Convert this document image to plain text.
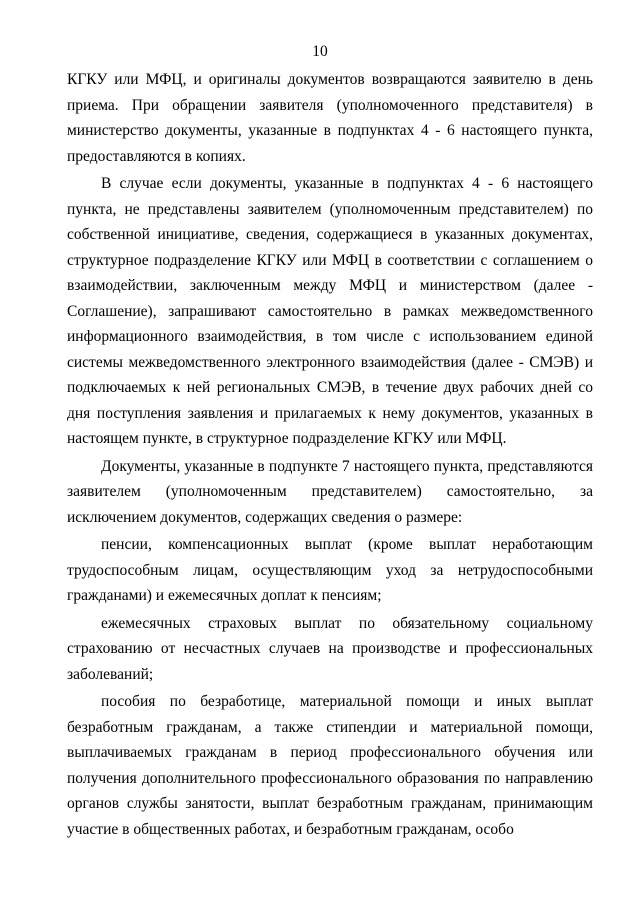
10

КГКУ или МФЦ, и оригиналы документов возвращаются заявителю в день приема. При обращении заявителя (уполномоченного представителя) в министерство документы, указанные в подпунктах 4 - 6 настоящего пункта, предоставляются в копиях.

В случае если документы, указанные в подпунктах 4 - 6 настоящего пункта, не представлены заявителем (уполномоченным представителем) по собственной инициативе, сведения, содержащиеся в указанных документах, структурное подразделение КГКУ или МФЦ в соответствии с соглашением о взаимодействии, заключенным между МФЦ и министерством (далее - Соглашение), запрашивают самостоятельно в рамках межведомственного информационного взаимодействия, в том числе с использованием единой системы межведомственного электронного взаимодействия (далее - СМЭВ) и подключаемых к ней региональных СМЭВ, в течение двух рабочих дней со дня поступления заявления и прилагаемых к нему документов, указанных в настоящем пункте, в структурное подразделение КГКУ или МФЦ.

Документы, указанные в подпункте 7 настоящего пункта, представляются заявителем (уполномоченным представителем) самостоятельно, за исключением документов, содержащих сведения о размере:

пенсии, компенсационных выплат (кроме выплат неработающим трудоспособным лицам, осуществляющим уход за нетрудоспособными гражданами) и ежемесячных доплат к пенсиям;

ежемесячных страховых выплат по обязательному социальному страхованию от несчастных случаев на производстве и профессиональных заболеваний;

пособия по безработице, материальной помощи и иных выплат безработным гражданам, а также стипендии и материальной помощи, выплачиваемых гражданам в период профессионального обучения или получения дополнительного профессионального образования по направлению органов службы занятости, выплат безработным гражданам, принимающим участие в общественных работах, и безработным гражданам, особо
